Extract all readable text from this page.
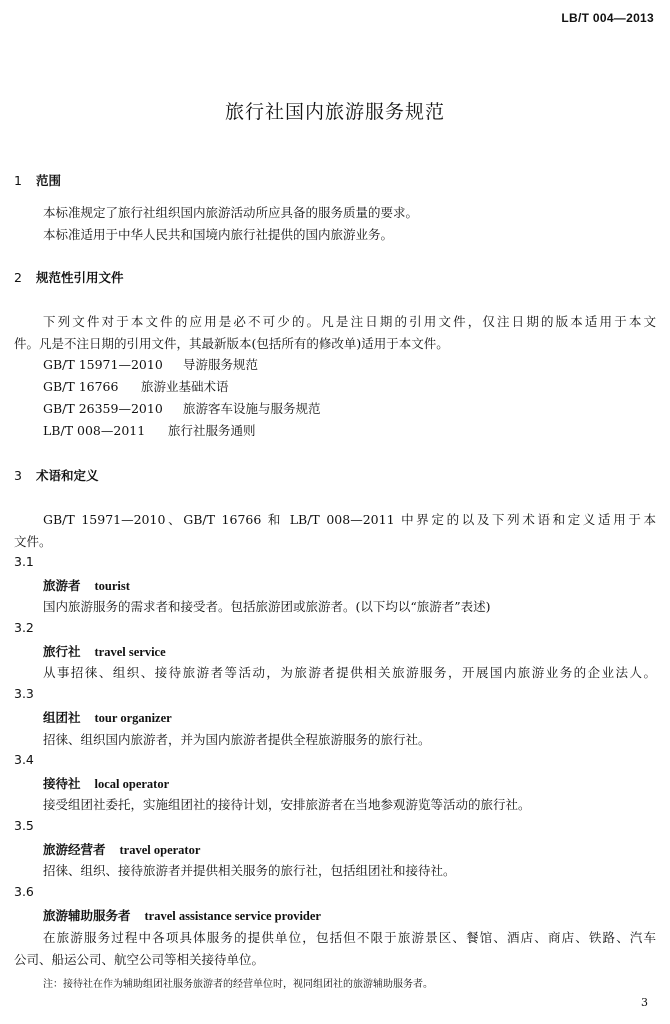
LB/T 004—2013
旅行社国内旅游服务规范
1 范围
本标准规定了旅行社组织国内旅游活动所应具备的服务质量的要求。
本标准适用于中华人民共和国境内旅行社提供的国内旅游业务。
2 规范性引用文件
下列文件对于本文件的应用是必不可少的。凡是注日期的引用文件，仅注日期的版本适用于本文
件。凡是不注日期的引用文件，其最新版本(包括所有的修改单)适用于本文件。
GB/T 15971—2010 导游服务规范
GB/T 16766 旅游业基础术语
GB/T 26359—2010 旅游客车设施与服务规范
LB/T 008—2011 旅行社服务通则
3 术语和定义
GB/T 15971—2010、GB/T 16766 和 LB/T 008—2011 中界定的以及下列术语和定义适用于本
文件。
3.1
旅游者 tourist
国内旅游服务的需求者和接受者。包括旅游团或旅游者。(以下均以“旅游者”表述)
3.2
旅行社 travel service
从事招徕、组织、接待旅游者等活动，为旅游者提供相关旅游服务，开展国内旅游业务的企业法人。
3.3
组团社 tour organizer
招徕、组织国内旅游者，并为国内旅游者提供全程旅游服务的旅行社。
3.4
接待社 local operator
接受组团社委托，实施组团社的接待计划，安排旅游者在当地参观游览等活动的旅行社。
3.5
旅游经营者 travel operator
招徕、组织、接待旅游者并提供相关服务的旅行社，包括组团社和接待社。
3.6
旅游辅助服务者 travel assistance service provider
在旅游服务过程中各项具体服务的提供单位，包括但不限于旅游景区、餐馆、酒店、商店、铁路、汽车
公司、船运公司、航空公司等相关接待单位。
注：接待社在作为辅助组团社服务旅游者的经营单位时，视同组团社的旅游辅助服务者。
3
